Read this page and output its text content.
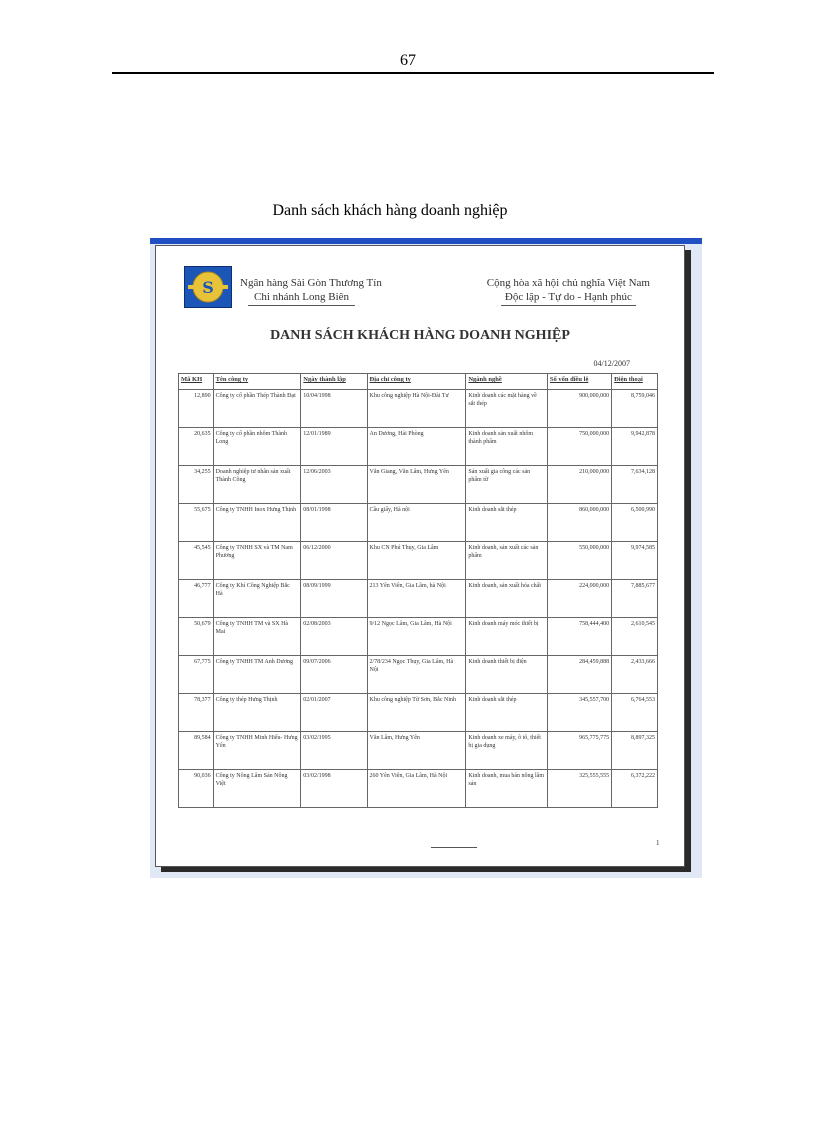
67
Danh sách khách hàng doanh nghiệp
S Ngân hàng Sài Gòn Thương Tín
Chi nhánh Long Biên
Cộng hòa xã hội chủ nghĩa Việt Nam
Độc lập - Tự do - Hạnh phúc
DANH SÁCH KHÁCH HÀNG DOANH NGHIỆP
04/12/2007
Mã KH	Tên công ty	Ngày thành lập	Địa chỉ công ty	Ngành nghề	Số vốn điều lệ	Điện thoại
12,890	Công ty cổ phần Thép Thành Đạt	10/04/1998	Khu công nghiệp Hà Nội-Đài Tư	Kinh doanh các mặt hàng về sắt thép	900,000,000	8,759,046
20,635	Công ty cổ phần nhôm Thành Long	12/01/1989	An Dương, Hải Phòng	Kinh doanh sản xuất nhôm thành phẩm	750,000,000	9,942,878
34,255	Doanh nghiệp tư nhân sản xuất Thành Công	12/06/2003	Văn Giang, Văn Lâm, Hưng Yên	Sản xuất gia công các sản phẩm từ	210,000,000	7,634,128
55,675	Công ty TNHH Inox Hưng Thịnh	08/01/1998	Cầu giấy, Hà nội	Kinh doanh sắt thép	860,000,000	6,500,990
45,545	Công ty TNHH SX và TM Nam Phương	06/12/2000	Khu CN Phú Thụy, Gia Lâm	Kinh doanh, sản xuất các sản phẩm	550,000,000	9,974,585
46,777	Công ty Khí Công Nghiệp Bắc Hà	08/09/1999	213 Yên Viên, Gia Lâm, hà Nội	Kinh doanh, sản xuất hóa chất	224,000,000	7,885,677
50,679	Công ty TNHH TM và SX Hà Mai	02/08/2003	9/12 Ngọc Lâm, Gia Lâm, Hà Nội	Kinh doanh máy móc thiết bị	758,444,400	2,610,545
67,775	Công ty TNHH TM Anh Dương	09/07/2006	2/78/234 Ngọc Thụy, Gia Lâm, Hà Nội	Kinh doanh thiết bị điện	284,459,888	2,433,666
78,377	Công ty thép Hưng Thịnh	02/01/2007	Khu công nghiệp Từ Sơn, Bắc Ninh	Kinh doanh sắt thép	345,557,700	6,764,553
89,584	Công ty TNHH Minh Hiếu- Hưng Yên	03/02/1995	Văn Lâm, Hưng Yên	Kinh doanh xe máy, ô tô, thiết bị gia dụng	965,775,775	8,897,325
90,036	Công ty Nông Lâm Sản Nông Việt	03/02/1998	260 Yên Viên, Gia Lâm, Hà Nội	Kinh doanh, mua bán nông lâm sản	325,555,555	6,372,222
1
